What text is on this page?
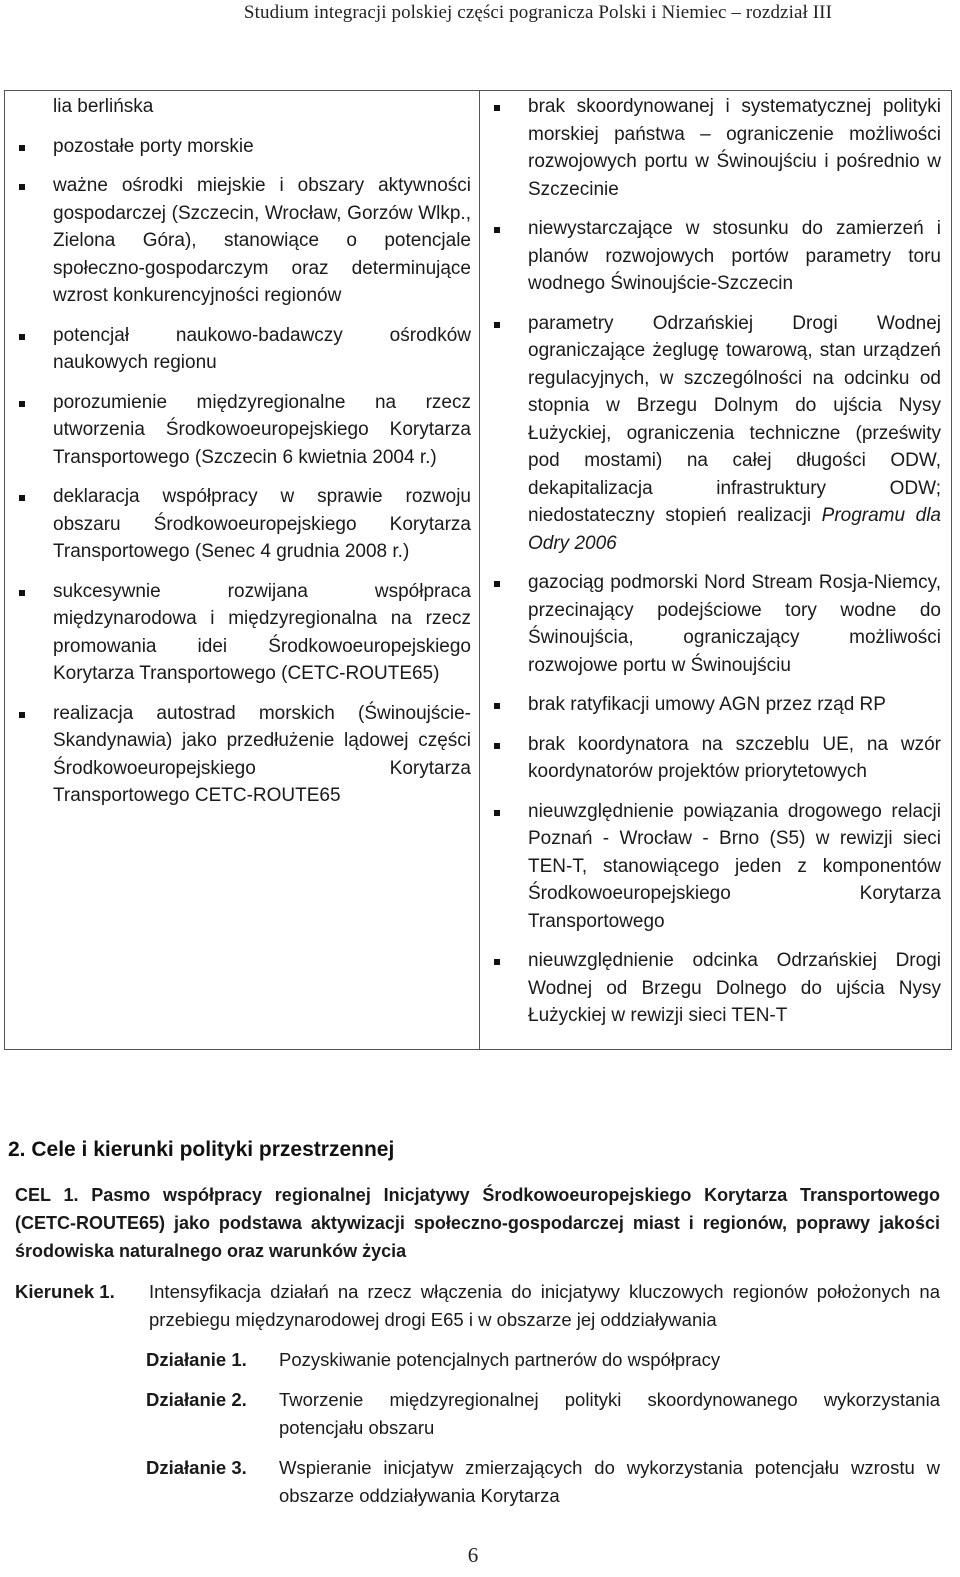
Studium integracji polskiej części pogranicza Polski i Niemiec – rozdział III
lia berlińska
pozostałe porty morskie
ważne ośrodki miejskie i obszary aktywności gospodarczej (Szczecin, Wrocław, Gorzów Wlkp., Zielona Góra), stanowiące o potencjale społeczno-gospodarczym oraz determinujące wzrost konkurencyjności regionów
potencjał naukowo-badawczy ośrodków naukowych regionu
porozumienie międzyregionalne na rzecz utworzenia Środkowoeuropejskiego Korytarza Transportowego (Szczecin 6 kwietnia 2004 r.)
deklaracja współpracy w sprawie rozwoju obszaru Środkowoeuropejskiego Korytarza Transportowego (Senec 4 grudnia 2008 r.)
sukcesywnie rozwijana współpraca międzynarodowa i międzyregionalna na rzecz promowania idei Środkowoeuropejskiego Korytarza Transportowego (CETC-ROUTE65)
realizacja autostrad morskich (Świnoujście-Skandynawia) jako przedłużenie lądowej części Środkowoeuropejskiego Korytarza Transportowego CETC-ROUTE65
brak skoordynowanej i systematycznej polityki morskiej państwa – ograniczenie możliwości rozwojowych portu w Świnoujściu i pośrednio w Szczecinie
niewystarczające w stosunku do zamierzeń i planów rozwojowych portów parametry toru wodnego Świnoujście-Szczecin
parametry Odrzańskiej Drogi Wodnej ograniczające żeglugę towarową, stan urządzeń regulacyjnych, w szczególności na odcinku od stopnia w Brzegu Dolnym do ujścia Nysy Łużyckiej, ograniczenia techniczne (prześwity pod mostami) na całej długości ODW, dekapitalizacja infrastruktury ODW; niedostateczny stopień realizacji Programu dla Odry 2006
gazociąg podmorski Nord Stream Rosja-Niemcy, przecinający podejściowe tory wodne do Świnoujścia, ograniczający możliwości rozwojowe portu w Świnoujściu
brak ratyfikacji umowy AGN przez rząd RP
brak koordynatora na szczeblu UE, na wzór koordynatorów projektów priorytetowych
nieuwzględnienie powiązania drogowego relacji Poznań - Wrocław - Brno (S5) w rewizji sieci TEN-T, stanowiącego jeden z komponentów Środkowoeuropejskiego Korytarza Transportowego
nieuwzględnienie odcinka Odrzańskiej Drogi Wodnej od Brzegu Dolnego do ujścia Nysy Łużyckiej w rewizji sieci TEN-T
2. Cele i kierunki polityki przestrzennej
CEL 1. Pasmo współpracy regionalnej Inicjatywy Środkowoeuropejskiego Korytarza Transportowego (CETC-ROUTE65) jako podstawa aktywizacji społeczno-gospodarczej miast i regionów, poprawy jakości środowiska naturalnego oraz warunków życia
Kierunek 1.	Intensyfikacja działań na rzecz włączenia do inicjatywy kluczowych regionów położonych na przebiegu międzynarodowej drogi E65 i w obszarze jej oddziaływania
Działanie 1.	Pozyskiwanie potencjalnych partnerów do współpracy
Działanie 2.	Tworzenie międzyregionalnej polityki skoordynowanego wykorzystania potencjału obszaru
Działanie 3.	Wspieranie inicjatyw zmierzających do wykorzystania potencjału wzrostu w obszarze oddziaływania Korytarza
6
